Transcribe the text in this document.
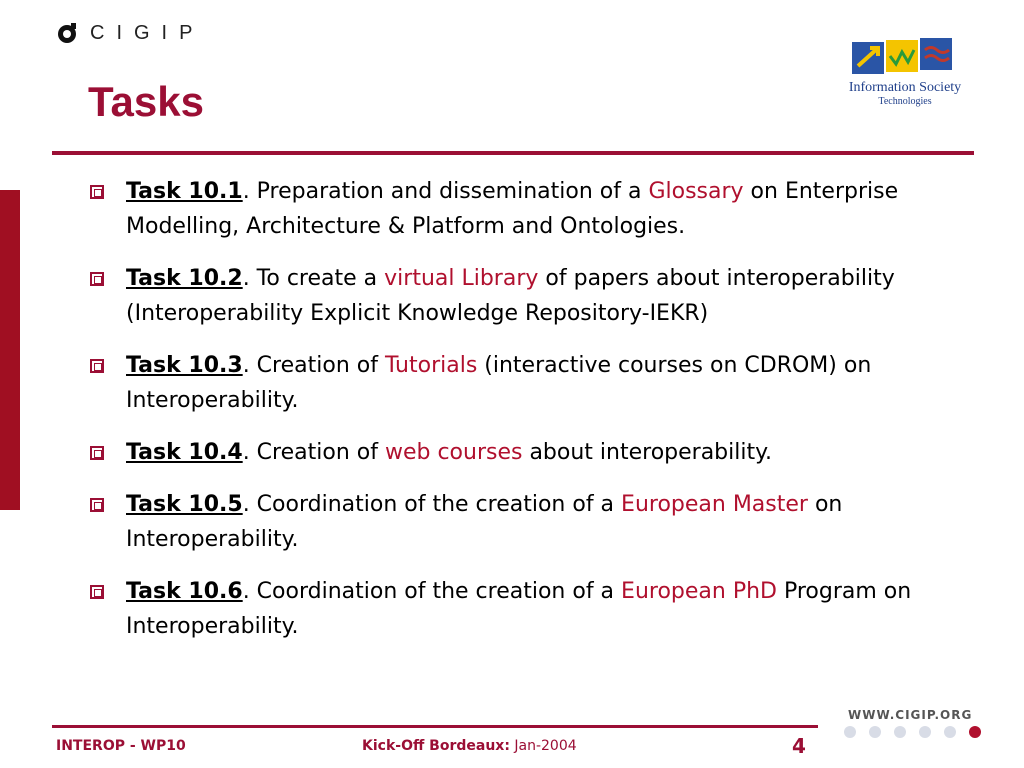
CIGIP
Information Society
Technologies
Tasks
Task 10.1. Preparation and dissemination of a Glossary on Enterprise Modelling, Architecture & Platform and Ontologies.
Task 10.2. To create a virtual Library of papers about interoperability (Interoperability Explicit Knowledge Repository-IEKR)
Task 10.3. Creation of Tutorials (interactive courses on CDROM) on Interoperability.
Task 10.4. Creation of web courses about interoperability.
Task 10.5. Coordination of the creation of a European Master on Interoperability.
Task 10.6. Coordination of the creation of a European PhD Program on Interoperability.
INTEROP - WP10	Kick-Off Bordeaux: Jan-2004	4
WWW.CIGIP.ORG
